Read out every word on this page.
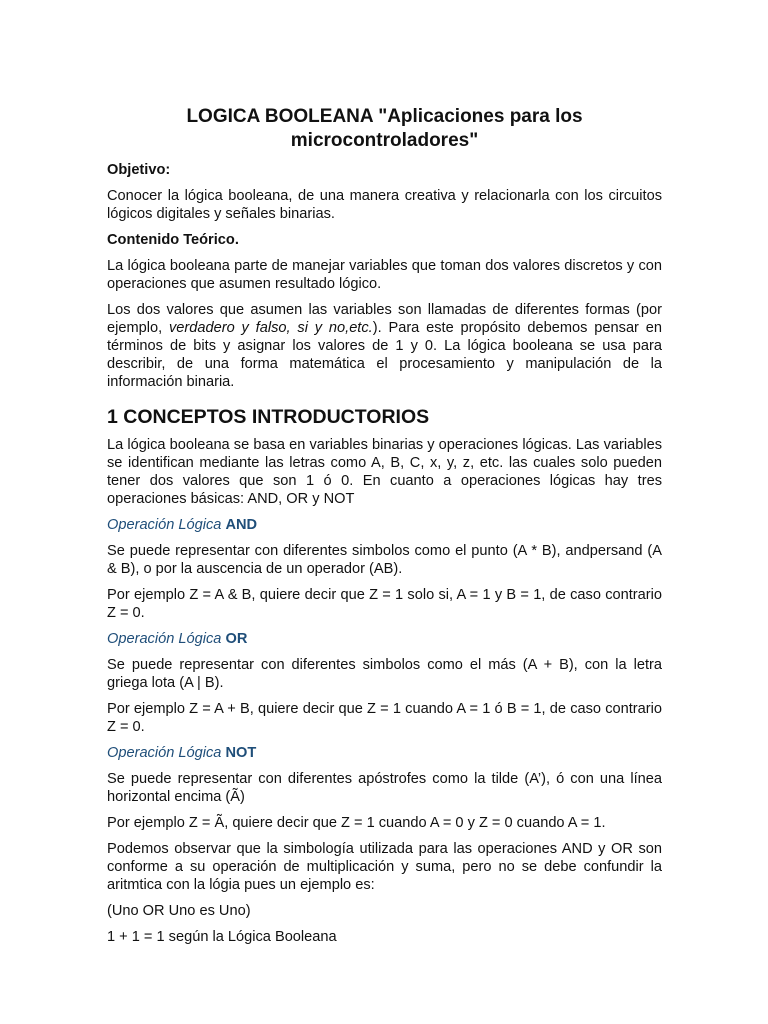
LOGICA BOOLEANA "Aplicaciones para los microcontroladores"
Objetivo:

Conocer la lógica booleana, de una manera creativa y relacionarla con los circuitos lógicos digitales y señales binarias.

Contenido Teórico.

La lógica booleana parte de manejar variables que toman dos valores discretos y con operaciones que asumen resultado lógico.

Los dos valores que asumen las variables son llamadas de diferentes formas (por ejemplo, verdadero y falso, si y no,etc.). Para este propósito debemos pensar en términos de bits y asignar los valores de 1 y 0. La lógica booleana se usa para describir, de una forma matemática el procesamiento y manipulación de la información binaria.

1 CONCEPTOS INTRODUCTORIOS

La lógica booleana se basa en variables binarias y operaciones lógicas. Las variables se identifican mediante las letras como A, B, C, x, y, z, etc. las cuales solo pueden tener dos valores que son 1 ó 0. En cuanto a operaciones lógicas hay tres operaciones básicas: AND, OR y NOT

Operación Lógica AND

Se puede representar con diferentes simbolos como el punto (A * B), andpersand (A & B), o por la auscencia de un operador (AB).

Por ejemplo Z = A & B, quiere decir que Z = 1 solo si, A = 1 y B = 1, de caso contrario Z = 0.

Operación Lógica OR

Se puede representar con diferentes simbolos como el más (A + B), con la letra griega lota (A | B).

Por ejemplo Z = A + B, quiere decir que Z = 1 cuando A = 1 ó B = 1, de caso contrario Z = 0.

Operación Lógica NOT

Se puede representar con diferentes apóstrofes como la tilde (A’), ó con una línea horizontal encima (Ã)

Por ejemplo Z = Ã, quiere decir que Z = 1 cuando A = 0 y Z = 0 cuando A = 1.

Podemos observar que la simbología utilizada para las operaciones AND y OR son conforme a su operación de multiplicación y suma, pero no se debe confundir la aritmtica con la lógia pues un ejemplo es:

(Uno OR Uno es Uno)

1 + 1 = 1 según la Lógica Booleana
